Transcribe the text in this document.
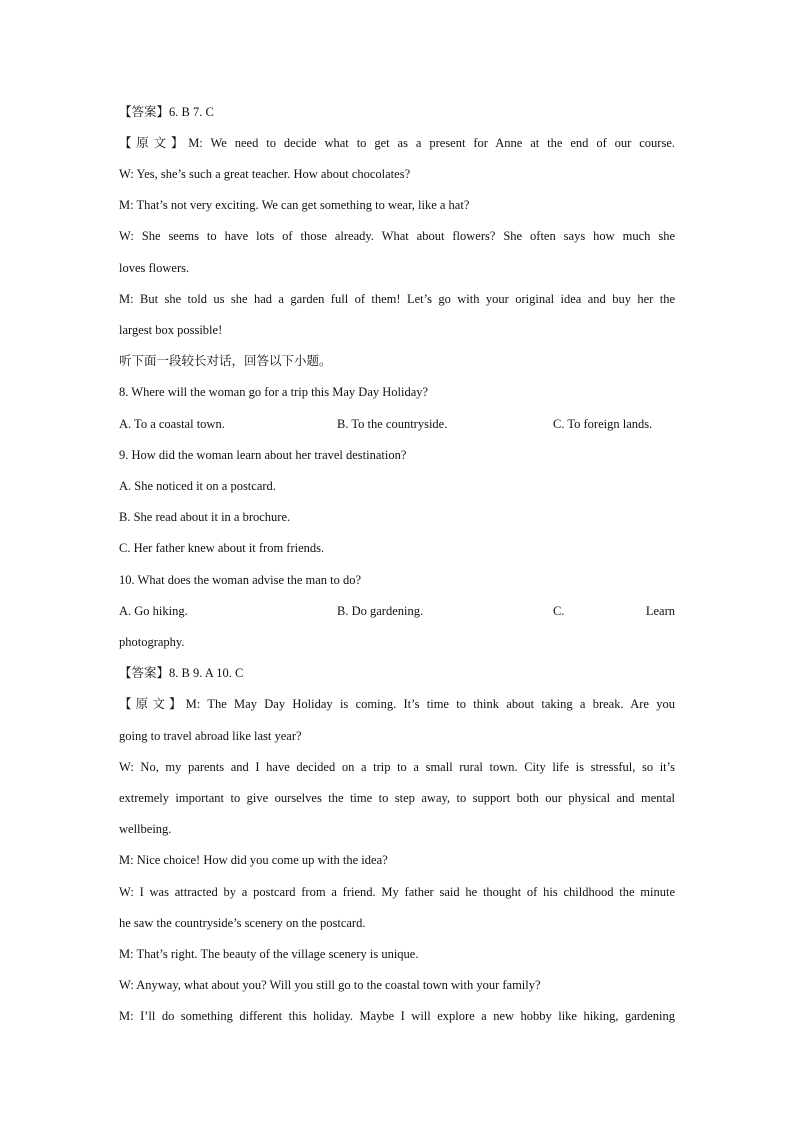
【答案】6. B 7. C
【原文】M: We need to decide what to get as a present for Anne at the end of our course.
W: Yes, she’s such a great teacher. How about chocolates?
M: That’s not very exciting. We can get something to wear, like a hat?
W: She seems to have lots of those already. What about flowers? She often says how much she
loves flowers.
M: But she told us she had a garden full of them! Let’s go with your original idea and buy her the
largest box possible!
听下面一段较长对话，回答以下小题。
8. Where will the woman go for a trip this May Day Holiday?
A. To a coastal town.	B. To the countryside.	C. To foreign lands.
9. How did the woman learn about her travel destination?
A. She noticed it on a postcard.
B. She read about it in a brochure.
C. Her father knew about it from friends.
10. What does the woman advise the man to do?
A. Go hiking.	B. Do gardening.	C.	Learn
photography.
【答案】8. B 9. A 10. C
【原文】M: The May Day Holiday is coming. It’s time to think about taking a break. Are you
going to travel abroad like last year?
W: No, my parents and I have decided on a trip to a small rural town. City life is stressful, so it’s
extremely important to give ourselves the time to step away, to support both our physical and mental
wellbeing.
M: Nice choice! How did you come up with the idea?
W: I was attracted by a postcard from a friend. My father said he thought of his childhood the minute
he saw the countryside’s scenery on the postcard.
M: That’s right. The beauty of the village scenery is unique.
W: Anyway, what about you? Will you still go to the coastal town with your family?
M: I’ll do something different this holiday. Maybe I will explore a new hobby like hiking, gardening
